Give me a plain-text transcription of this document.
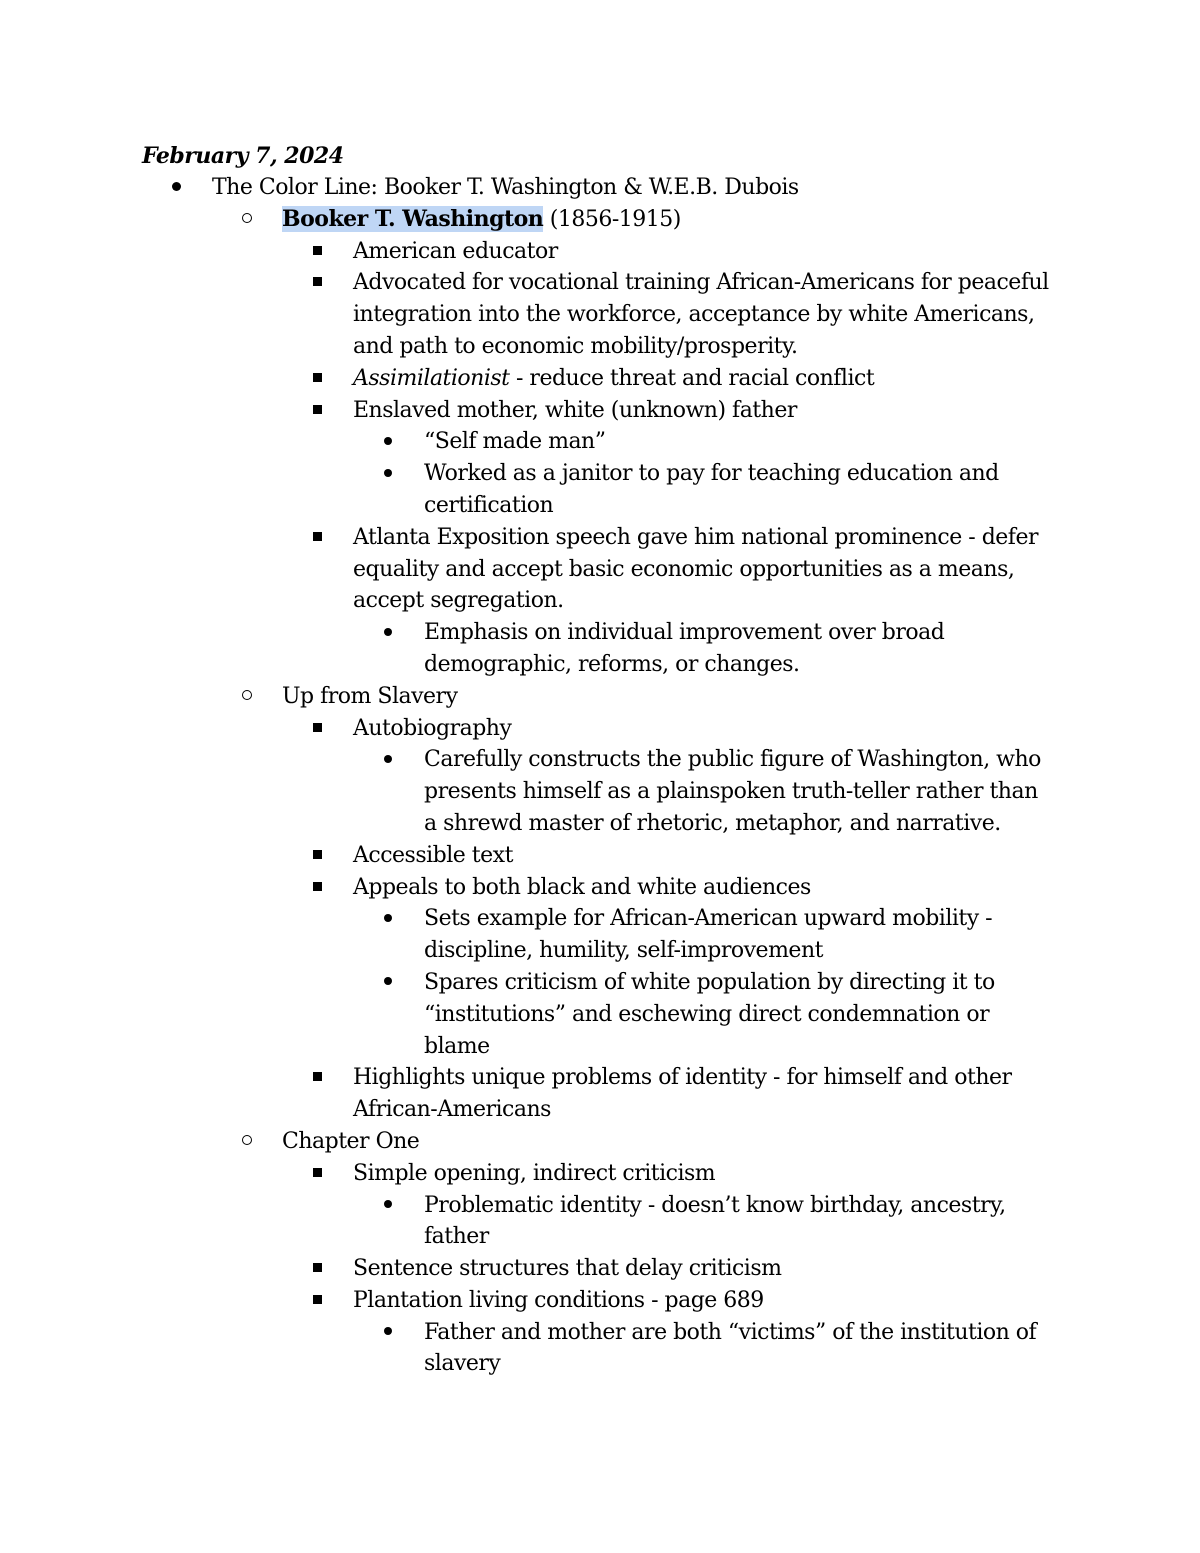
February 7, 2024

The Color Line: Booker T. Washington & W.E.B. Dubois
Booker T. Washington (1856-1915)
American educator
Advocated for vocational training African-Americans for peaceful integration into the workforce, acceptance by white Americans, and path to economic mobility/prosperity.
Assimilationist - reduce threat and racial conflict
Enslaved mother, white (unknown) father
“Self made man”
Worked as a janitor to pay for teaching education and certification
Atlanta Exposition speech gave him national prominence - defer equality and accept basic economic opportunities as a means, accept segregation.
Emphasis on individual improvement over broad demographic, reforms, or changes.
Up from Slavery
Autobiography
Carefully constructs the public figure of Washington, who presents himself as a plainspoken truth-teller rather than a shrewd master of rhetoric, metaphor, and narrative.
Accessible text
Appeals to both black and white audiences
Sets example for African-American upward mobility - discipline, humility, self-improvement
Spares criticism of white population by directing it to “institutions” and eschewing direct condemnation or blame
Highlights unique problems of identity - for himself and other African-Americans
Chapter One
Simple opening, indirect criticism
Problematic identity - doesn’t know birthday, ancestry, father
Sentence structures that delay criticism
Plantation living conditions - page 689
Father and mother are both “victims” of the institution of slavery
